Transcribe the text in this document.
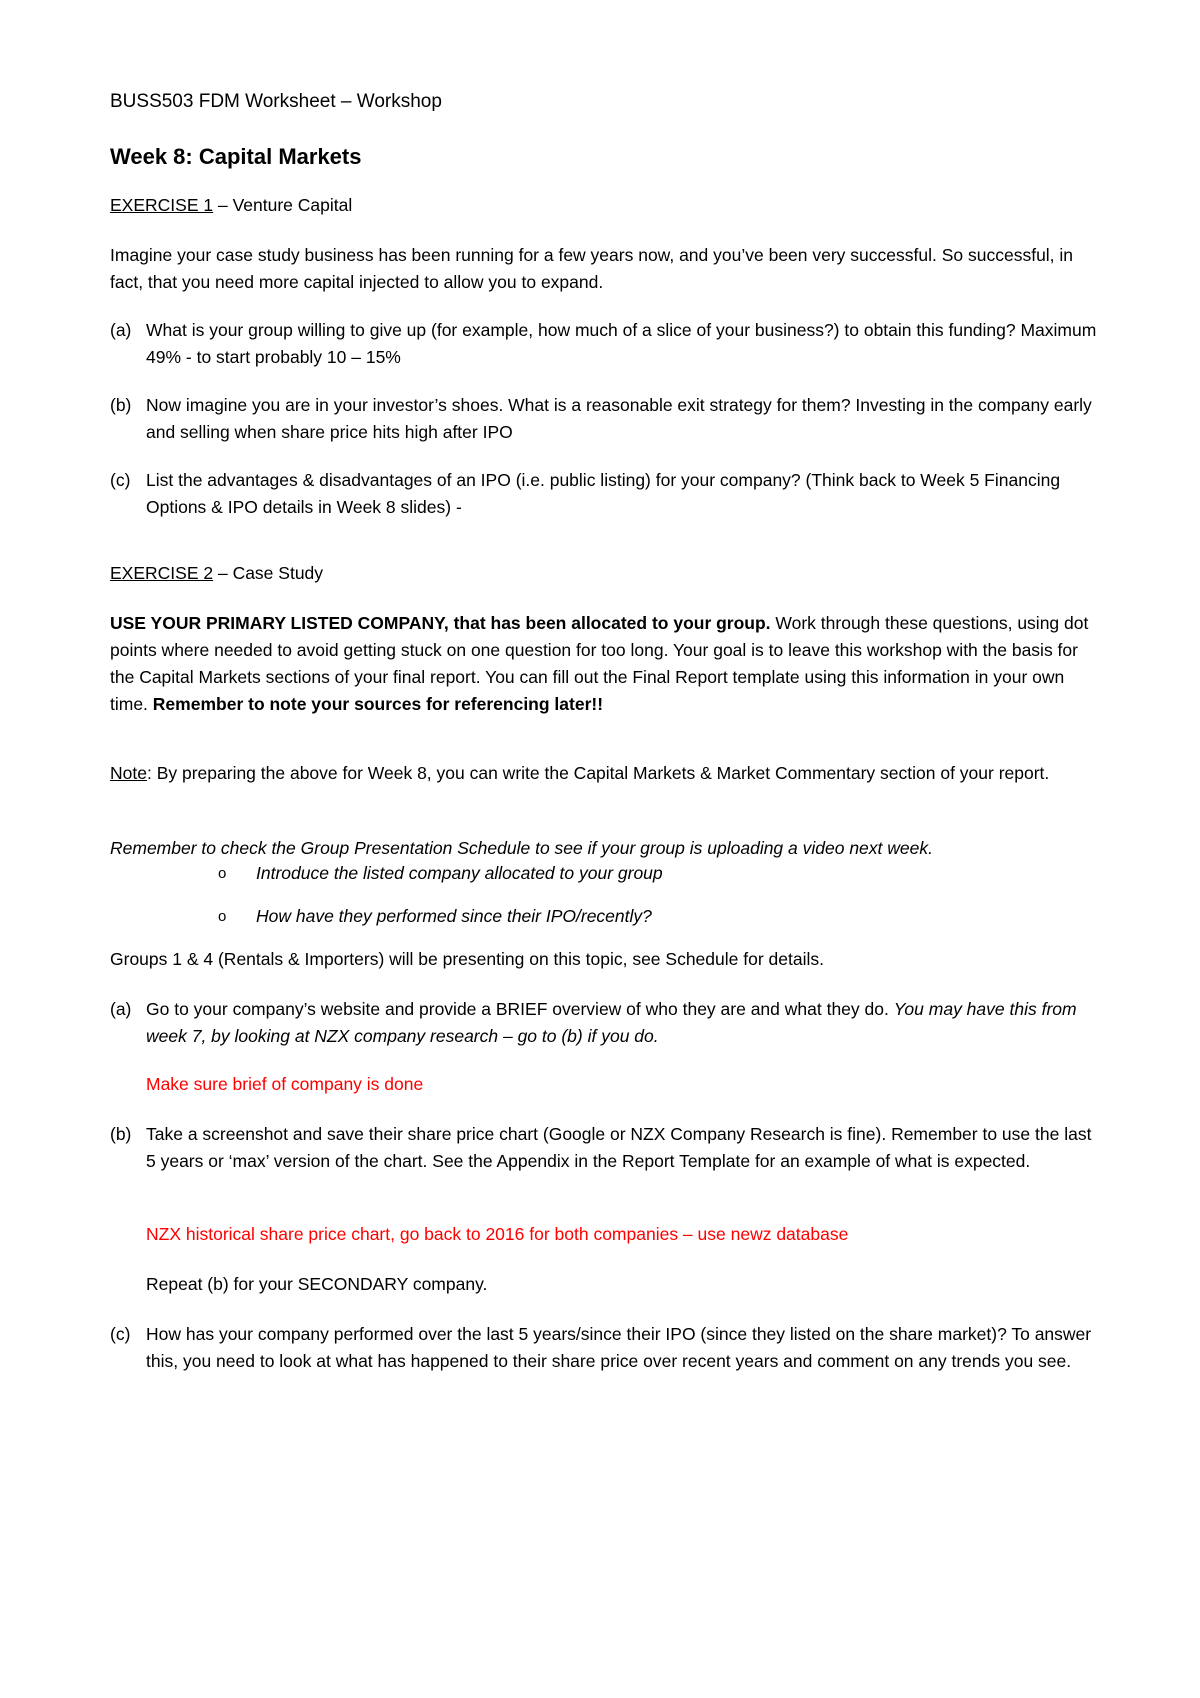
BUSS503 FDM Worksheet – Workshop
Week 8: Capital Markets
EXERCISE 1 – Venture Capital
Imagine your case study business has been running for a few years now, and you’ve been very successful. So successful, in fact, that you need more capital injected to allow you to expand.
(a) What is your group willing to give up (for example, how much of a slice of your business?) to obtain this funding? Maximum 49% - to start probably 10 – 15%
(b) Now imagine you are in your investor’s shoes. What is a reasonable exit strategy for them? Investing in the company early and selling when share price hits high after IPO
(c) List the advantages & disadvantages of an IPO (i.e. public listing) for your company? (Think back to Week 5 Financing Options & IPO details in Week 8 slides) -
EXERCISE 2 – Case Study
USE YOUR PRIMARY LISTED COMPANY, that has been allocated to your group. Work through these questions, using dot points where needed to avoid getting stuck on one question for too long. Your goal is to leave this workshop with the basis for the Capital Markets sections of your final report. You can fill out the Final Report template using this information in your own time. Remember to note your sources for referencing later!!
Note: By preparing the above for Week 8, you can write the Capital Markets & Market Commentary section of your report.
Remember to check the Group Presentation Schedule to see if your group is uploading a video next week.
o Introduce the listed company allocated to your group
o How have they performed since their IPO/recently?
Groups 1 & 4 (Rentals & Importers) will be presenting on this topic, see Schedule for details.
(a) Go to your company’s website and provide a BRIEF overview of who they are and what they do. You may have this from week 7, by looking at NZX company research – go to (b) if you do.
Make sure brief of company is done
(b) Take a screenshot and save their share price chart (Google or NZX Company Research is fine). Remember to use the last 5 years or ‘max’ version of the chart. See the Appendix in the Report Template for an example of what is expected.
NZX historical share price chart, go back to 2016 for both companies – use newz database
Repeat (b) for your SECONDARY company.
(c) How has your company performed over the last 5 years/since their IPO (since they listed on the share market)? To answer this, you need to look at what has happened to their share price over recent years and comment on any trends you see.
